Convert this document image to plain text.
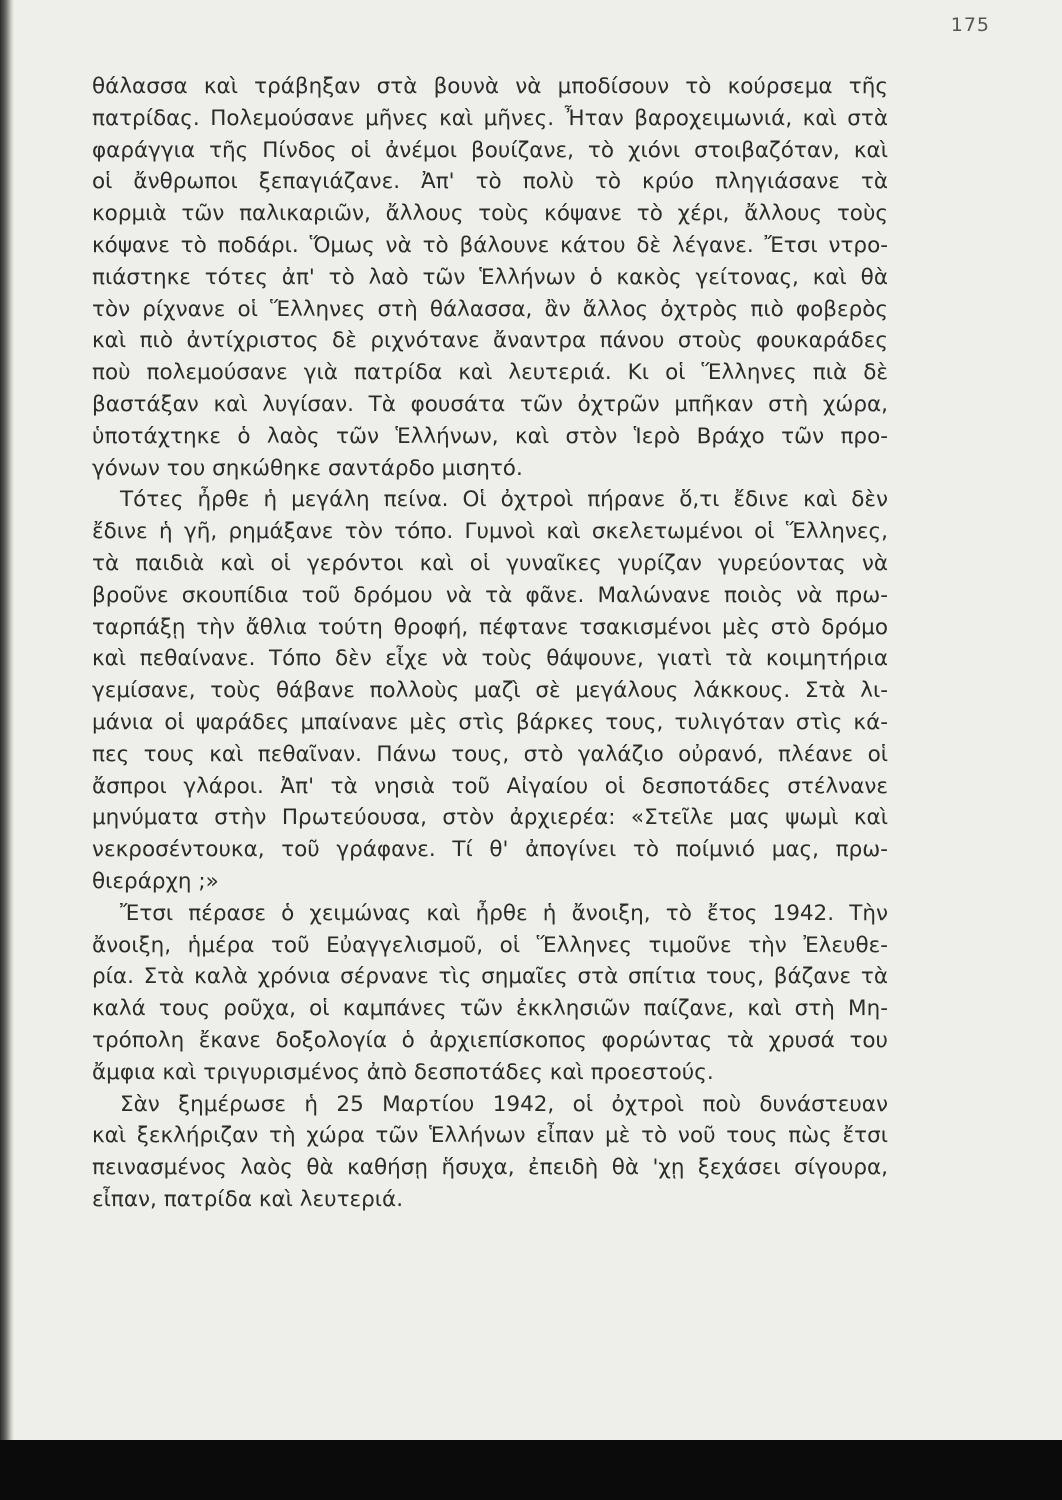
175
θάλασσα καὶ τράβηξαν στὰ βουνὰ νὰ μποδίσουν τὸ κούρσεμα τῆς
πατρίδας. Πολεμούσανε μῆνες καὶ μῆνες. Ἦταν βαροχειμωνιά, καὶ στὰ
φαράγγια τῆς Πίνδος οἱ ἀνέμοι βουίζανε, τὸ χιόνι στοιβαζόταν, καὶ
οἱ ἄνθρωποι ξεπαγιάζανε. Ἀπ' τὸ πολὺ τὸ κρύο πληγιάσανε τὰ
κορμιὰ τῶν παλικαριῶν, ἄλλους τοὺς κόψανε τὸ χέρι, ἄλλους τοὺς
κόψανε τὸ ποδάρι. Ὅμως νὰ τὸ βάλουνε κάτου δὲ λέγανε. Ἔτσι ντρο-
πιάστηκε τότες ἀπ' τὸ λαὸ τῶν Ἑλλήνων ὁ κακὸς γείτονας, καὶ θὰ
τὸν ρίχνανε οἱ Ἕλληνες στὴ θάλασσα, ἂν ἄλλος ὀχτρὸς πιὸ φοβερὸς
καὶ πιὸ ἀντίχριστος δὲ ριχνότανε ἄναντρα πάνου στοὺς φουκαράδες
ποὺ πολεμούσανε γιὰ πατρίδα καὶ λευτεριά. Κι οἱ Ἕλληνες πιὰ δὲ
βαστάξαν καὶ λυγίσαν. Τὰ φουσάτα τῶν ὀχτρῶν μπῆκαν στὴ χώρα,
ὑποτάχτηκε ὁ λαὸς τῶν Ἑλλήνων, καὶ στὸν Ἱερὸ Βράχο τῶν προ-
γόνων του σηκώθηκε σαντάρδο μισητό.
Τότες ἦρθε ἡ μεγάλη πείνα. Οἱ ὀχτροὶ πήρανε ὅ,τι ἔδινε καὶ δὲν
ἔδινε ἡ γῆ, ρημάξανε τὸν τόπο. Γυμνοὶ καὶ σκελετωμένοι οἱ Ἕλληνες,
τὰ παιδιὰ καὶ οἱ γερόντοι καὶ οἱ γυναῖκες γυρίζαν γυρεύοντας νὰ
βροῦνε σκουπίδια τοῦ δρόμου νὰ τὰ φᾶνε. Μαλώνανε ποιὸς νὰ πρω-
ταρπάξῃ τὴν ἄθλια τούτη θροφή, πέφτανε τσακισμένοι μὲς στὸ δρόμο
καὶ πεθαίνανε. Τόπο δὲν εἶχε νὰ τοὺς θάψουνε, γιατὶ τὰ κοιμητήρια
γεμίσανε, τοὺς θάβανε πολλοὺς μαζὶ σὲ μεγάλους λάκκους. Στὰ λι-
μάνια οἱ ψαράδες μπαίνανε μὲς στὶς βάρκες τους, τυλιγόταν στὶς κά-
πες τους καὶ πεθαῖναν. Πάνω τους, στὸ γαλάζιο οὐρανό, πλέανε οἱ
ἄσπροι γλάροι. Ἀπ' τὰ νησιὰ τοῦ Αἰγαίου οἱ δεσποτάδες στέλνανε
μηνύματα στὴν Πρωτεύουσα, στὸν ἀρχιερέα: «Στεῖλε μας ψωμὶ καὶ
νεκροσέντουκα, τοῦ γράφανε. Τί θ' ἀπογίνει τὸ ποίμνιό μας, πρω-
θιεράρχη ;»
Ἔτσι πέρασε ὁ χειμώνας καὶ ἦρθε ἡ ἄνοιξη, τὸ ἔτος 1942. Τὴν
ἄνοιξη, ἡμέρα τοῦ Εὐαγγελισμοῦ, οἱ Ἕλληνες τιμοῦνε τὴν Ἐλευθε-
ρία. Στὰ καλὰ χρόνια σέρνανε τὶς σημαῖες στὰ σπίτια τους, βάζανε τὰ
καλά τους ροῦχα, οἱ καμπάνες τῶν ἐκκλησιῶν παίζανε, καὶ στὴ Μη-
τρόπολη ἔκανε δοξολογία ὁ ἀρχιεπίσκοπος φορώντας τὰ χρυσά του
ἄμφια καὶ τριγυρισμένος ἀπὸ δεσποτάδες καὶ προεστούς.
Σὰν ξημέρωσε ἡ 25 Μαρτίου 1942, οἱ ὀχτροὶ ποὺ δυνάστευαν
καὶ ξεκλήριζαν τὴ χώρα τῶν Ἑλλήνων εἶπαν μὲ τὸ νοῦ τους πὼς ἔτσι
πεινασμένος λαὸς θὰ καθήσῃ ἥσυχα, ἐπειδὴ θὰ 'χῃ ξεχάσει σίγουρα,
εἶπαν, πατρίδα καὶ λευτεριά.
